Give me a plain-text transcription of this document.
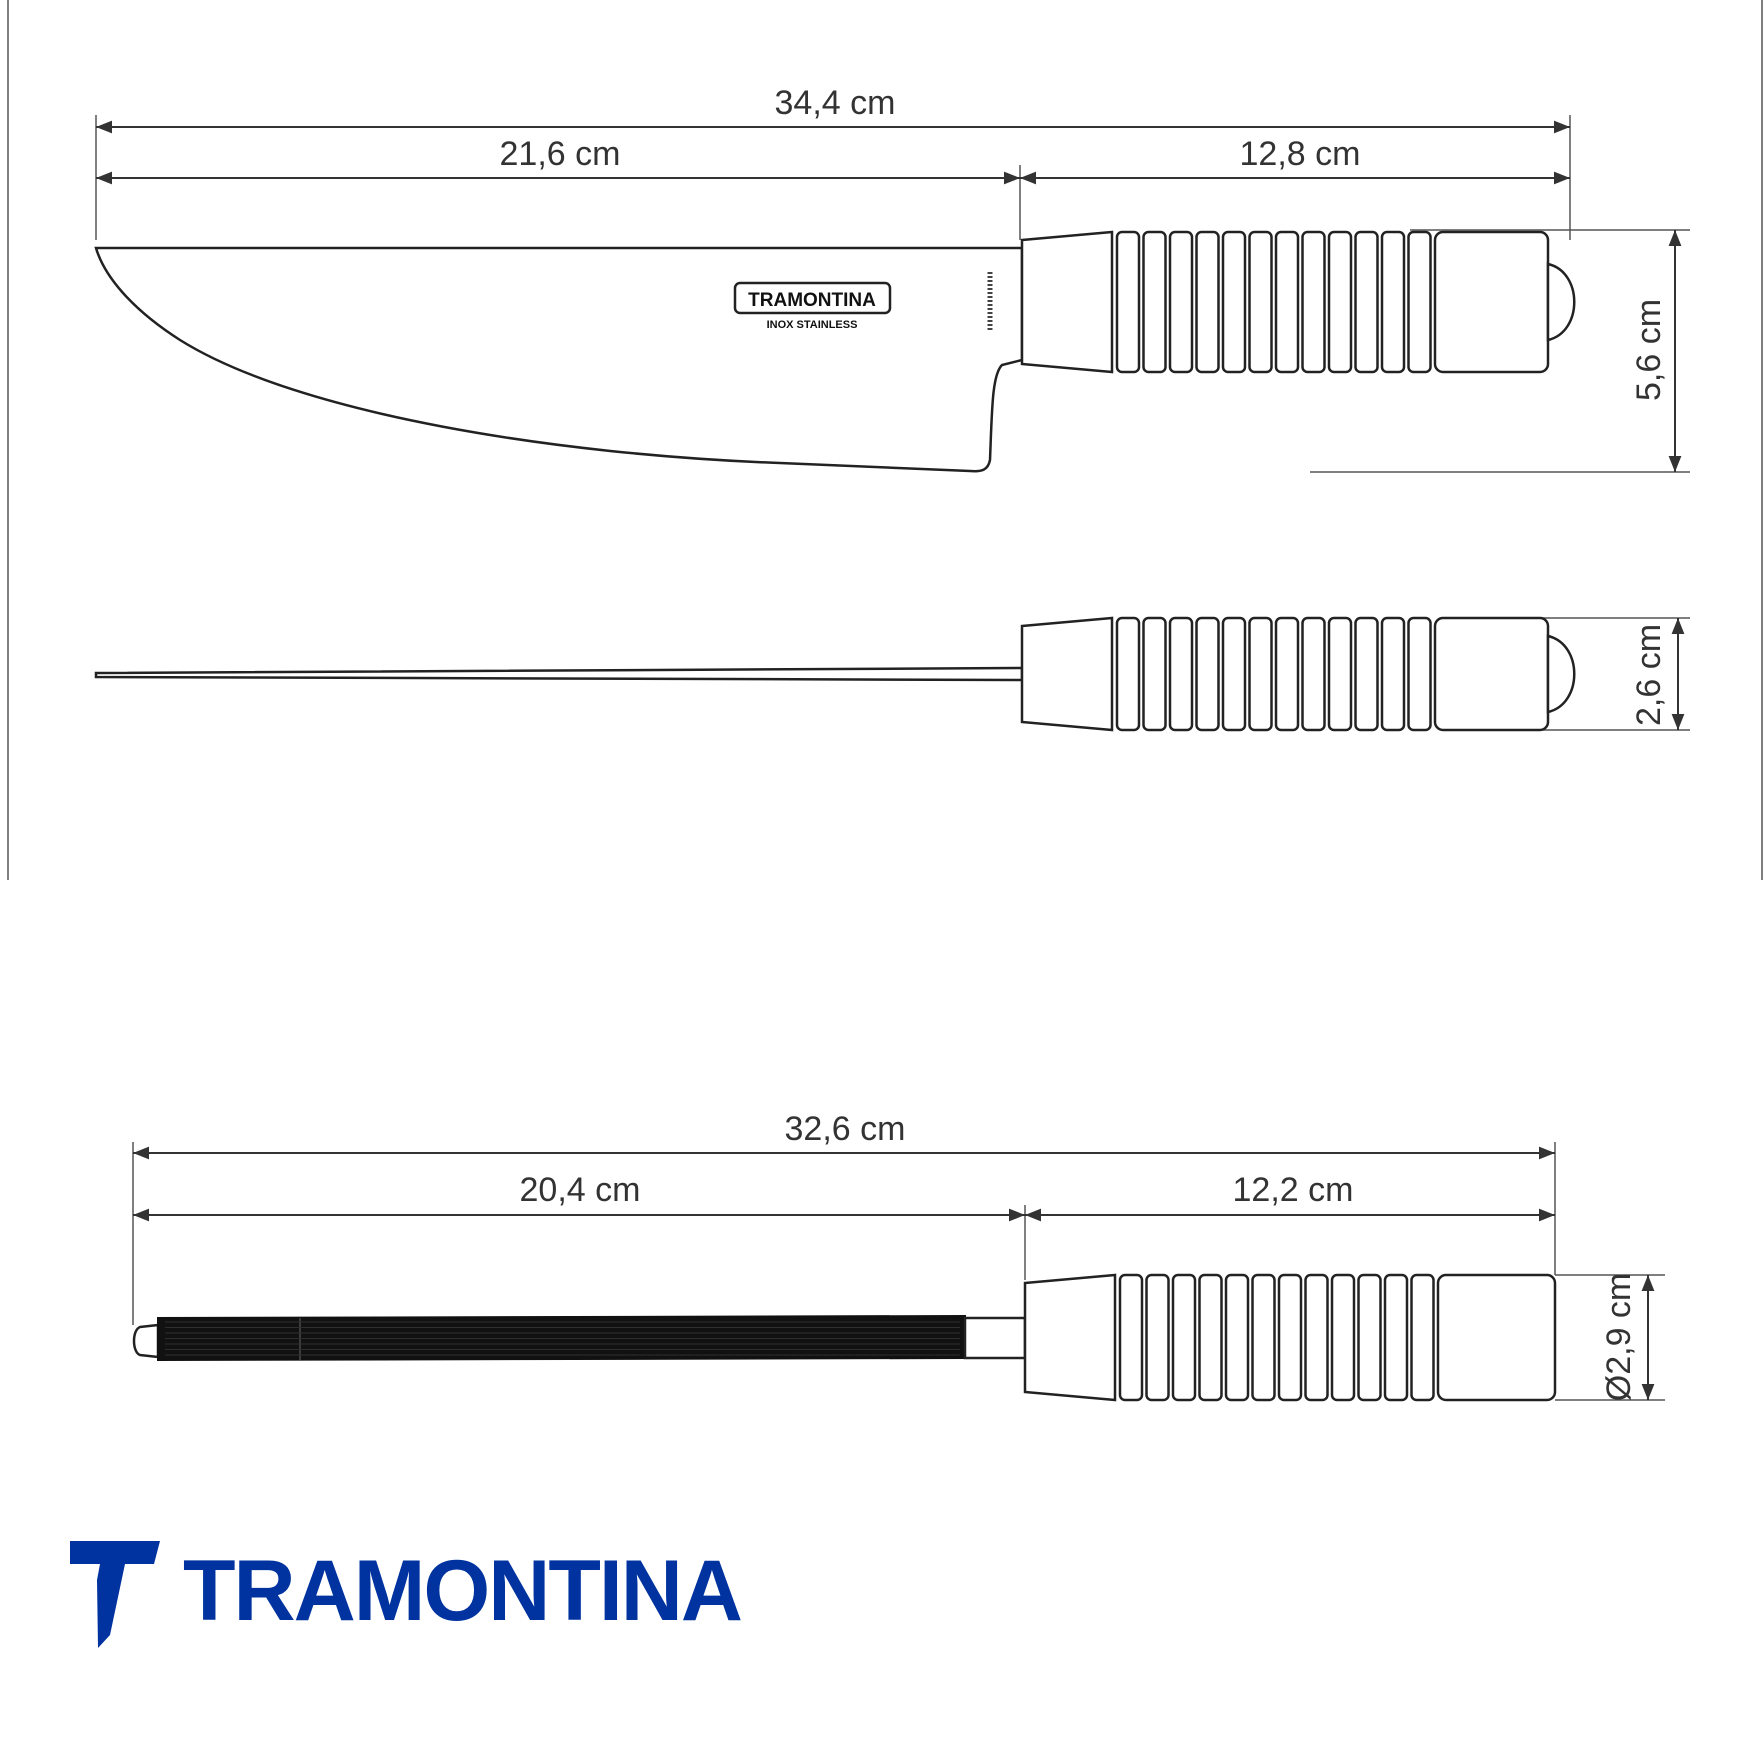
34,4 cm
21,6 cm	12,8 cm
5,6 cm
2,6 cm
TRAMONTINA
INOX STAINLESS
32,6 cm
20,4 cm	12,2 cm
Ø2,9 cm
TRAMONTINA
